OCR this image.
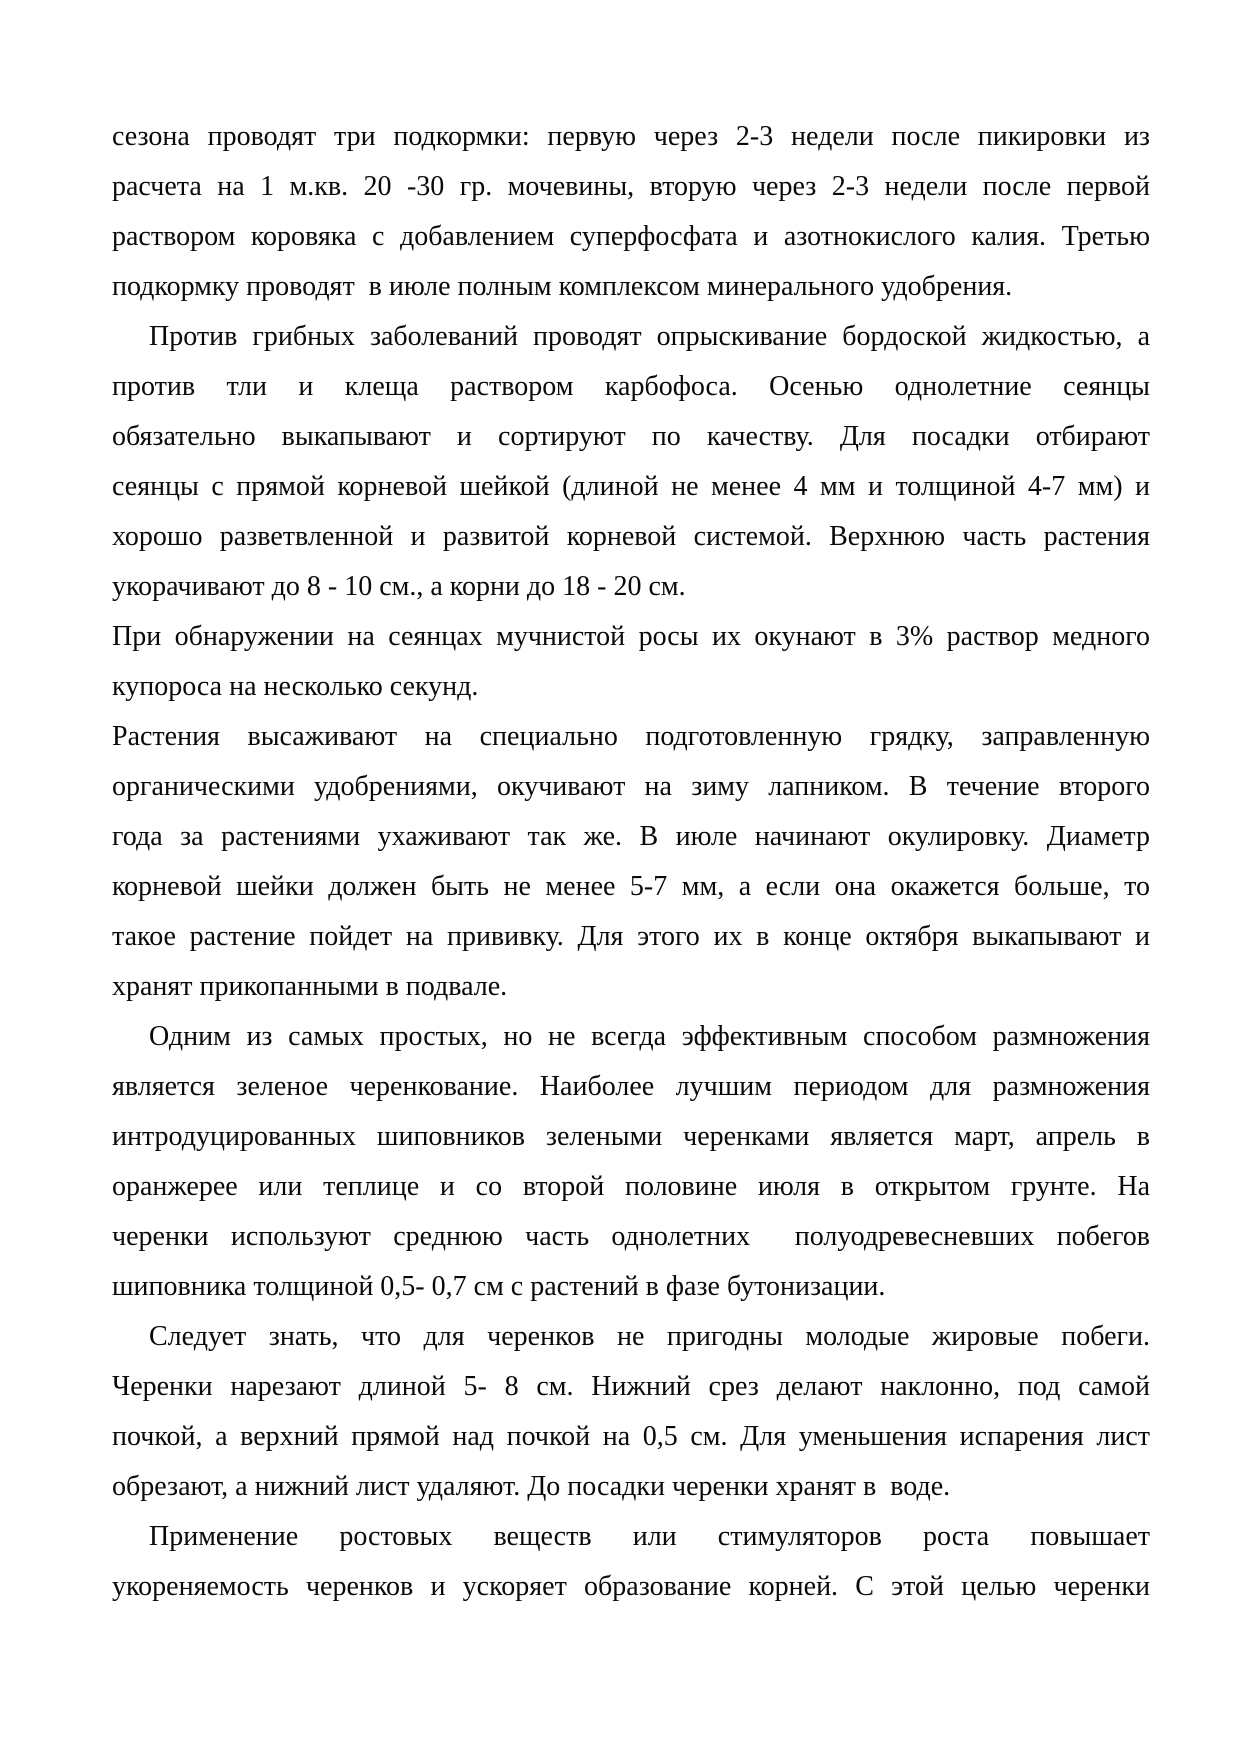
сезона проводят три подкормки: первую через 2-3 недели после пикировки из
расчета на 1 м.кв. 20 -30 гр. мочевины, вторую через 2-3 недели после первой
раствором коровяка с добавлением суперфосфата и азотнокислого калия. Третью
подкормку проводят  в июле полным комплексом минерального удобрения.
Против грибных заболеваний проводят опрыскивание бордоской жидкостью, а
против тли и клеща раствором карбофоса. Осенью однолетние сеянцы
обязательно выкапывают и сортируют по качеству. Для посадки отбирают
сеянцы с прямой корневой шейкой (длиной не менее 4 мм и толщиной 4-7 мм) и
хорошо разветвленной и развитой корневой системой. Верхнюю часть растения
укорачивают до 8 - 10 см., а корни до 18 - 20 см.
При обнаружении на сеянцах мучнистой росы их окунают в 3% раствор медного
купороса на несколько секунд.
Растения высаживают на специально подготовленную грядку, заправленную
органическими удобрениями, окучивают на зиму лапником. В течение второго
года за растениями ухаживают так же. В июле начинают окулировку. Диаметр
корневой шейки должен быть не менее 5-7 мм, а если она окажется больше, то
такое растение пойдет на прививку. Для этого их в конце октября выкапывают и
хранят прикопанными в подвале.
Одним из самых простых, но не всегда эффективным способом размножения
является зеленое черенкование. Наиболее лучшим периодом для размножения
интродуцированных шиповников зелеными черенками является март, апрель в
оранжерее или теплице и со второй половине июля в открытом грунте. На
черенки используют среднюю часть однолетних  полуодревесневших побегов
шиповника толщиной 0,5- 0,7 см с растений в фазе бутонизации.
Следует знать, что для черенков не пригодны молодые жировые побеги.
Черенки нарезают длиной 5- 8 см. Нижний срез делают наклонно, под самой
почкой, а верхний прямой над почкой на 0,5 см. Для уменьшения испарения лист
обрезают, а нижний лист удаляют. До посадки черенки хранят в  воде.
Применение ростовых веществ или стимуляторов роста повышает
укореняемость черенков и ускоряет образование корней. С этой целью черенки
